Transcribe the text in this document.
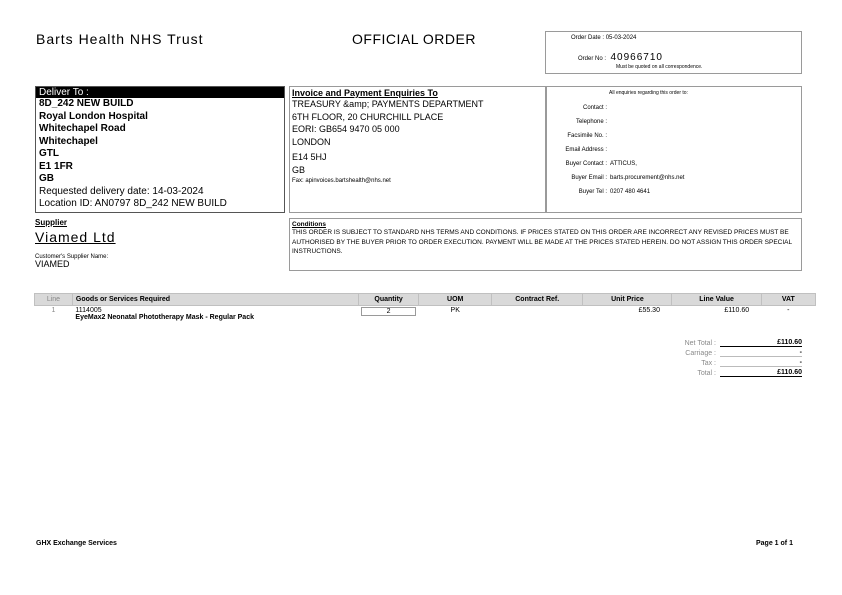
Barts Health NHS Trust	OFFICIAL ORDER	Order Date : 05-03-2024
Order No : 40966710
Must be quoted on all correspondence.
Deliver To :
8D_242 NEW BUILD
Royal London Hospital
Whitechapel Road
Whitechapel
GTL
E1 1FR
GB
Requested delivery date: 14-03-2024
Location ID: AN0797 8D_242 NEW BUILD
Invoice and Payment Enquiries To
TREASURY &amp; PAYMENTS DEPARTMENT
6TH FLOOR, 20 CHURCHILL PLACE
EORI: GB654 9470 05 000
LONDON
E14 5HJ
GB
Fax: apinvoices.bartshealth@nhs.net
All enquiries regarding this order to:
Contact :
Telephone :
Facsimile No. :
Email Address :
Buyer Contact : ATTICUS,
Buyer Email : barts.procurement@nhs.net
Buyer Tel : 0207 480 4641
Supplier
Viamed Ltd
Customer's Supplier Name:
VIAMED
Conditions
THIS ORDER IS SUBJECT TO STANDARD NHS TERMS AND CONDITIONS. IF PRICES STATED ON THIS ORDER ARE INCORRECT ANY REVISED PRICES MUST BE AUTHORISED BY THE BUYER PRIOR TO ORDER EXECUTION. PAYMENT WILL BE MADE AT THE PRICES STATED HEREIN. DO NOT ASSIGN THIS ORDER SPECIAL INSTRUCTIONS.
Line	Goods or Services Required	Quantity	UOM	Contract Ref.	Unit Price	Line Value	VAT
1	1114005
EyeMax2 Neonatal Phototherapy Mask - Regular Pack	2	PK		£55.30	£110.60	-
Net Total :	£110.60
Carriage :	-
Tax :	-
Total :	£110.60
GHX Exchange Services	Page 1 of 1
